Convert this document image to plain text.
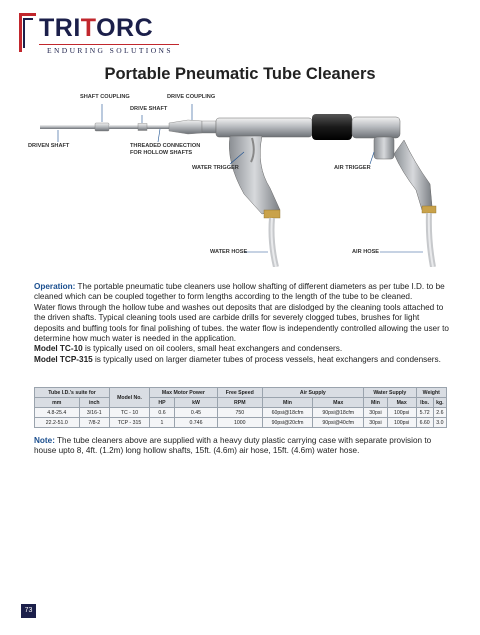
TRITORC
ENDURING SOLUTIONS
Portable Pneumatic Tube Cleaners
SHAFT COUPLING	DRIVE COUPLING
DRIVE SHAFT
DRIVEN SHAFT	THREADED CONNECTION
FOR HOLLOW SHAFTS
WATER TRIGGER	AIR TRIGGER
WATER HOSE	AIR HOSE

Operation: The portable pneumatic tube cleaners use hollow shafting of different diameters as per tube I.D. to be cleaned which can be coupled together to form lengths according to the length of the tube to be cleaned.

Water flows through the hollow tube and washes out deposits that are dislodged by the cleaning tools attached to the driven shafts. Typical cleaning tools used are carbide drills for severely clogged tubes, brushes for light deposits and buffing tools for final polishing of tubes. the water flow is independently controlled allowing the user to determine how much water is needed in the application.

Model TC-10 is typically used on oil coolers, small heat exchangers and condensers.

Model TCP-315 is typically used on larger diameter tubes of process vessels, heat exchangers and condensers.

Tube I.D.'s suite for		Model No.	Max Motor Power		Free Speed	Air Supply		Water Supply		Weight	
mm	inch		HP	kW	RPM	Min	Max	Min	Max	lbs.	kg.
4.8-25.4	3/16-1	TC - 10	0.6	0.45	750	60psi@18cfm	90psi@18cfm	30psi	100psi	5.72	2.6
22.2-51.0	7/8-2	TCP - 315	1	0.746	1000	90psi@20cfm	90psi@40cfm	30psi	100psi	6.60	3.0

Note: The tube cleaners above are supplied with a heavy duty plastic carrying case with separate provision to house upto 8, 4ft. (1.2m) long hollow shafts, 15ft. (4.6m) air hose, 15ft. (4.6m) water hose.

73
